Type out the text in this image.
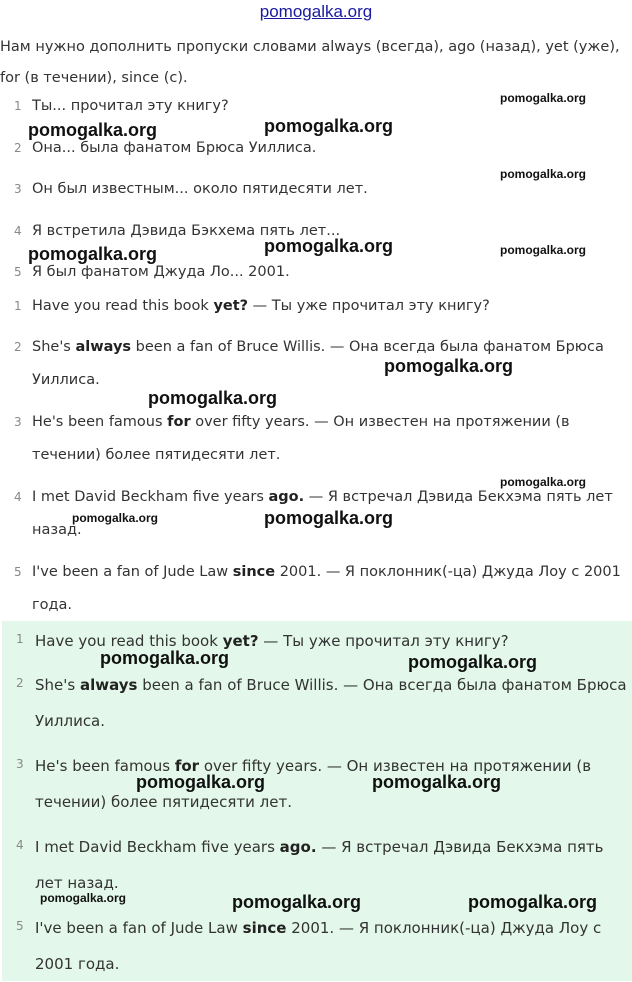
pomogalka.org
Нам нужно дополнить пропуски словами always (всегда), ago (назад), yet (уже), for (в течении), since (с).
1 Ты... прочитал эту книгу?
2 Она... была фанатом Брюса Уиллиса.
3 Он был известным... около пятидесяти лет.
4 Я встретила Дэвида Бэкхема пять лет...
5 Я был фанатом Джуда Ло... 2001.
1 Have you read this book yet? — Ты уже прочитал эту книгу?
2 She's always been a fan of Bruce Willis. — Она всегда была фанатом Брюса Уиллиса.
3 He's been famous for over fifty years. — Он известен на протяжении (в течении) более пятидесяти лет.
4 I met David Beckham five years ago. — Я встречал Дэвида Бекхэма пять лет назад.
5 I've been a fan of Jude Law since 2001. — Я поклонник(-ца) Джуда Лоу с 2001 года.
1 Have you read this book yet? — Ты уже прочитал эту книгу?
2 She's always been a fan of Bruce Willis. — Она всегда была фанатом Брюса Уиллиса.
3 He's been famous for over fifty years. — Он известен на протяжении (в течении) более пятидесяти лет.
4 I met David Beckham five years ago. — Я встречал Дэвида Бекхэма пять лет назад.
5 I've been a fan of Jude Law since 2001. — Я поклонник(-ца) Джуда Лоу с 2001 года.
pomogalka.org
pomogalka.org	pomogalka.org
pomogalka.org
pomogalka.org
pomogalka.org	pomogalka.org
pomogalka.org
pomogalka.org
pomogalka.org
pomogalka.org	pomogalka.org
pomogalka.org	pomogalka.org
pomogalka.org	pomogalka.org
pomogalka.org	pomogalka.org	pomogalka.org
